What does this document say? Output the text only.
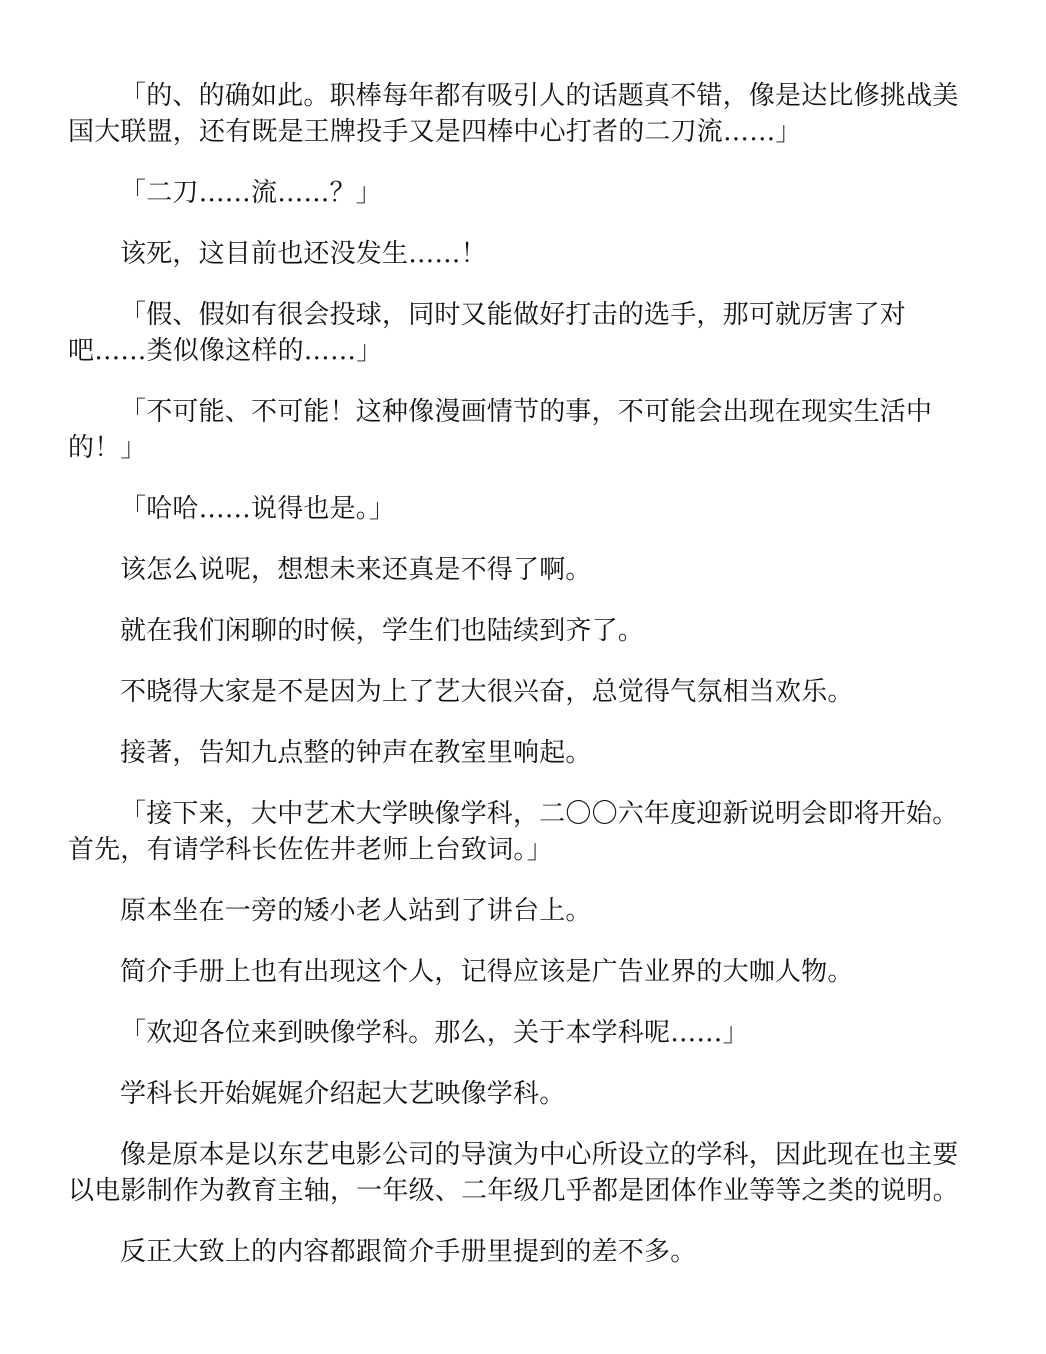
「的、的确如此。职棒每年都有吸引人的话题真不错，像是达比修挑战美国大联盟，还有既是王牌投手又是四棒中心打者的二刀流……」

「二刀……流……？」

该死，这目前也还没发生……！

「假、假如有很会投球，同时又能做好打击的选手，那可就厉害了对吧……类似像这样的……」

「不可能、不可能！这种像漫画情节的事，不可能会出现在现实生活中的！」

「哈哈……说得也是。」

该怎么说呢，想想未来还真是不得了啊。

就在我们闲聊的时候，学生们也陆续到齐了。

不晓得大家是不是因为上了艺大很兴奋，总觉得气氛相当欢乐。

接著，告知九点整的钟声在教室里响起。

「接下来，大中艺术大学映像学科，二〇〇六年度迎新说明会即将开始。首先，有请学科长佐佐井老师上台致词。」

原本坐在一旁的矮小老人站到了讲台上。

简介手册上也有出现这个人，记得应该是广告业界的大咖人物。

「欢迎各位来到映像学科。那么，关于本学科呢……」

学科长开始娓娓介绍起大艺映像学科。

像是原本是以东艺电影公司的导演为中心所设立的学科，因此现在也主要以电影制作为教育主轴，一年级、二年级几乎都是团体作业等等之类的说明。

反正大致上的内容都跟简介手册里提到的差不多。
